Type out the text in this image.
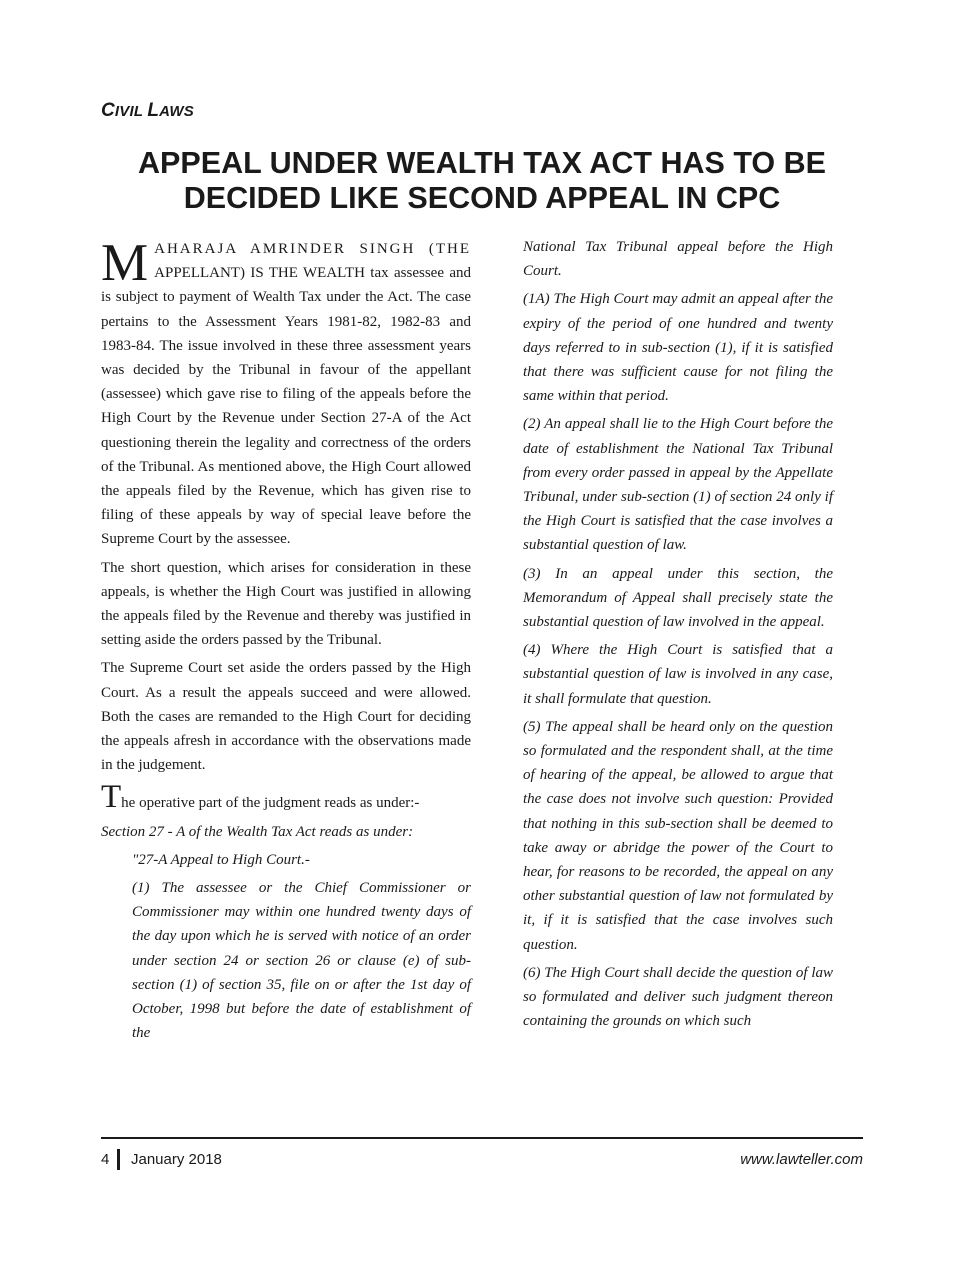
CIVIL LAWS
APPEAL UNDER WEALTH TAX ACT HAS TO BE
DECIDED LIKE SECOND APPEAL IN CPC

MAHARAJA AMRINDER SINGH (THE APPELLANT) IS THE WEALTH tax assessee and is subject to payment of Wealth Tax under the Act. The case pertains to the Assessment Years 1981-82, 1982-83 and 1983-84. The issue involved in these three assessment years was decided by the Tribunal in favour of the appellant (assessee) which gave rise to filing of the appeals before the High Court by the Revenue under Section 27-A of the Act questioning therein the legality and correctness of the orders of the Tribunal. As mentioned above, the High Court allowed the appeals filed by the Revenue, which has given rise to filing of these appeals by way of special leave before the Supreme Court by the assessee.

The short question, which arises for consideration in these appeals, is whether the High Court was justified in allowing the appeals filed by the Revenue and thereby was justified in setting aside the orders passed by the Tribunal.

The Supreme Court set aside the orders passed by the High Court. As a result the appeals succeed and were allowed. Both the cases are remanded to the High Court for deciding the appeals afresh in accordance with the observations made in the judgement.

The operative part of the judgment reads as under:-

Section 27 - A of the Wealth Tax Act reads as under:

"27-A Appeal to High Court.-

(1) The assessee or the Chief Commissioner or Commissioner may within one hundred twenty days of the day upon which he is served with notice of an order under section 24 or section 26 or clause (e) of sub-section (1) of section 35, file on or after the 1st day of October, 1998 but before the date of establishment of the

National Tax Tribunal appeal before the High Court.

(1A) The High Court may admit an appeal after the expiry of the period of one hundred and twenty days referred to in sub-section (1), if it is satisfied that there was sufficient cause for not filing the same within that period.

(2) An appeal shall lie to the High Court before the date of establishment the National Tax Tribunal from every order passed in appeal by the Appellate Tribunal, under sub-section (1) of section 24 only if the High Court is satisfied that the case involves a substantial question of law.

(3) In an appeal under this section, the Memorandum of Appeal shall precisely state the substantial question of law involved in the appeal.

(4) Where the High Court is satisfied that a substantial question of law is involved in any case, it shall formulate that question.

(5) The appeal shall be heard only on the question so formulated and the respondent shall, at the time of hearing of the appeal, be allowed to argue that the case does not involve such question: Provided that nothing in this sub-section shall be deemed to take away or abridge the power of the Court to hear, for reasons to be recorded, the appeal on any other substantial question of law not formulated by it, if it is satisfied that the case involves such question.

(6) The High Court shall decide the question of law so formulated and deliver such judgment thereon containing the grounds on which such

4 January 2018	www.lawteller.com
